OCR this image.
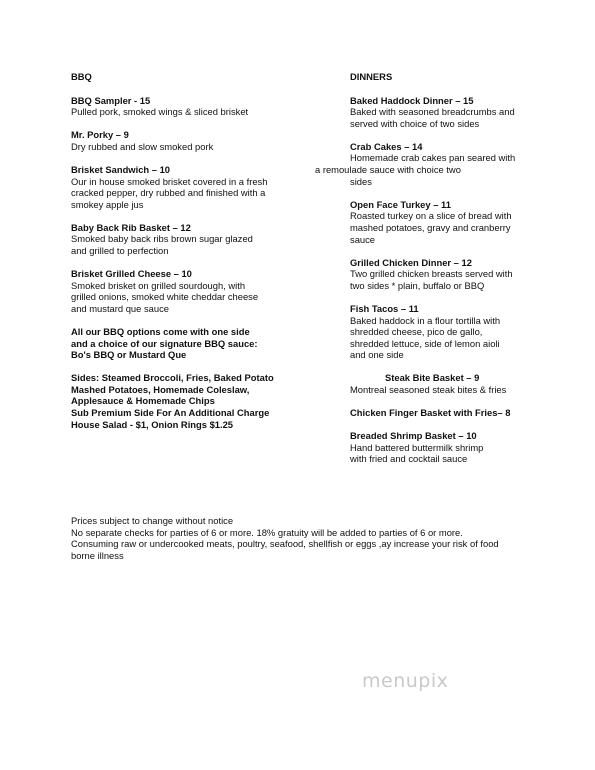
BBQ
BBQ Sampler - 15
Pulled pork, smoked wings & sliced brisket
Mr. Porky – 9
Dry rubbed and slow smoked pork
Brisket Sandwich – 10
Our in house smoked brisket covered in a fresh
cracked pepper, dry rubbed and finished with a
smokey apple jus
Baby Back Rib Basket – 12
Smoked baby back ribs brown sugar glazed
and grilled to perfection
Brisket Grilled Cheese – 10
Smoked brisket on grilled sourdough, with
grilled onions, smoked white cheddar cheese
and mustard que sauce
All our BBQ options come with one side
and a choice of our signature BBQ sauce:
Bo's BBQ or Mustard Que
Sides: Steamed Broccoli, Fries, Baked Potato
Mashed Potatoes, Homemade Coleslaw,
Applesauce & Homemade Chips
Sub Premium Side For An Additional Charge
House Salad - $1, Onion Rings $1.25
DINNERS
Baked Haddock Dinner – 15
Baked with seasoned breadcrumbs and
served with choice of two sides
Crab Cakes – 14
Homemade crab cakes pan seared with
a remoulade sauce with choice two
sides
Open Face Turkey – 11
Roasted turkey on a slice of bread with
mashed potatoes, gravy and cranberry
sauce
Grilled Chicken Dinner – 12
Two grilled chicken breasts served with
two sides * plain, buffalo or BBQ
Fish Tacos – 11
Baked haddock in a flour tortilla with
shredded cheese, pico de gallo,
shredded lettuce, side of lemon aioli
and one side
Steak Bite Basket – 9
Montreal seasoned steak bites & fries
Chicken Finger Basket with Fries– 8
Breaded Shrimp Basket – 10
Hand battered buttermilk shrimp
with fried and cocktail sauce
Prices subject to change without notice
No separate checks for parties of 6 or more. 18% gratuity will be added to parties of 6 or more.
Consuming raw or undercooked meats, poultry, seafood, shellfish or eggs ,ay increase your risk of food
borne illness
menupix
